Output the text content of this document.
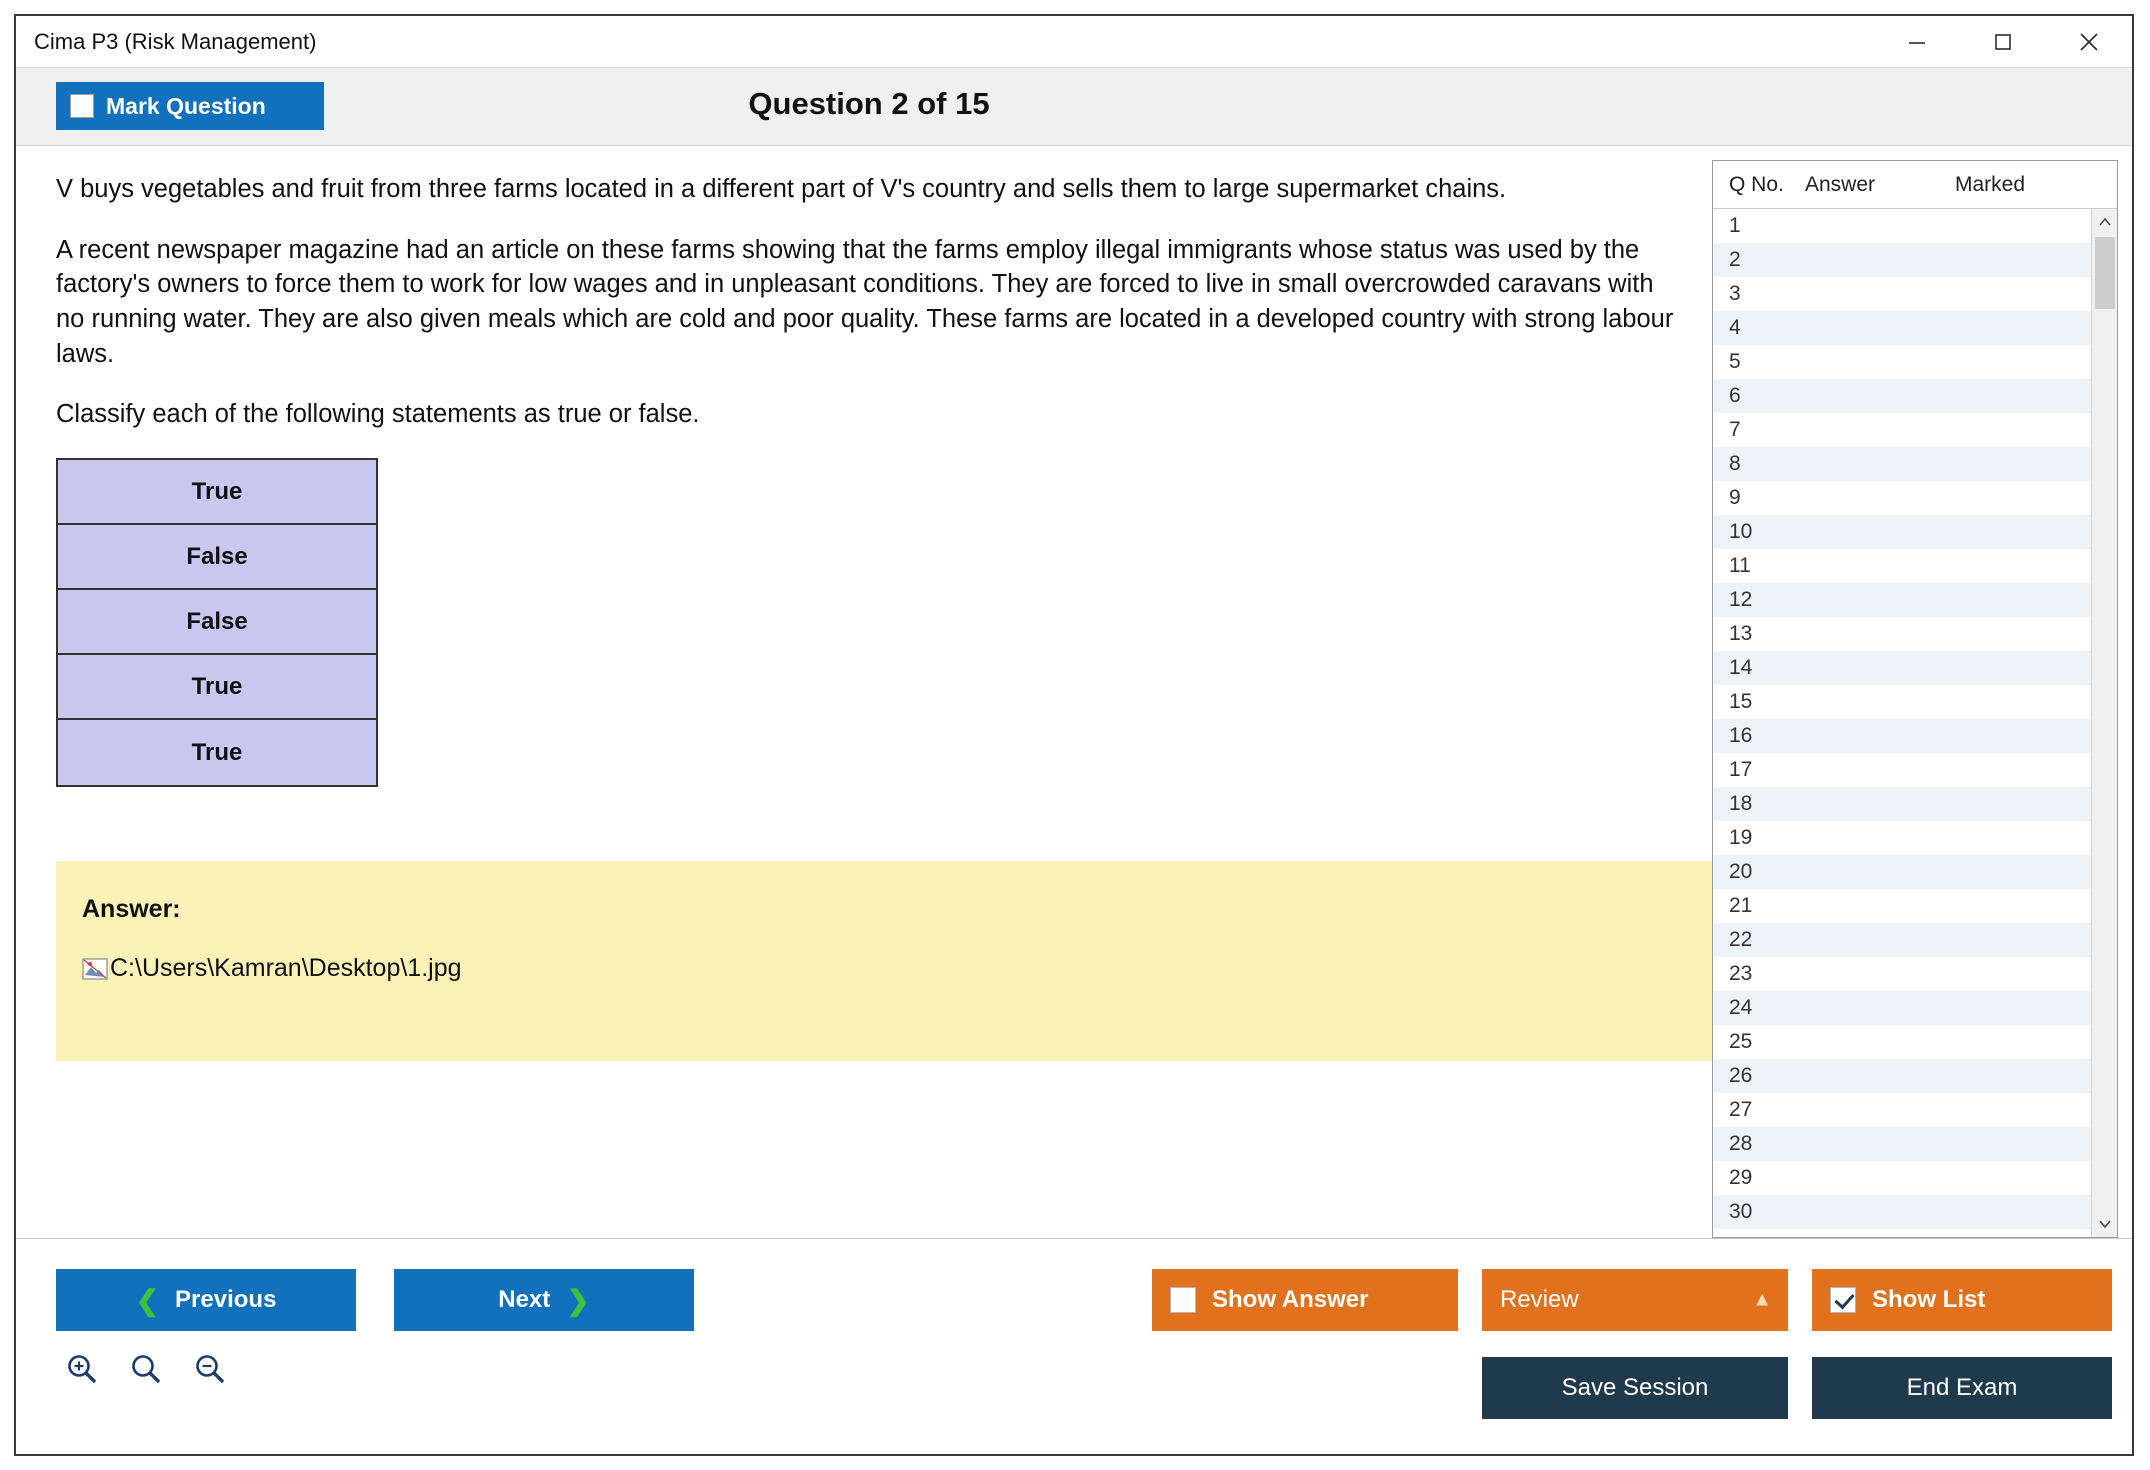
Cima P3 (Risk Management)
Mark Question	Question 2 of 15

V buys vegetables and fruit from three farms located in a different part of V's country and sells them to large supermarket chains.

A recent newspaper magazine had an article on these farms showing that the farms employ illegal immigrants whose status was used by the factory's owners to force them to work for low wages and in unpleasant conditions. They are forced to live in small overcrowded caravans with no running water. They are also given meals which are cold and poor quality. These farms are located in a developed country with strong labour laws.

Classify each of the following statements as true or false.

True
False
False
True
True
Answer:
C:\Users\Kamran\Desktop\1.jpg
Q No.	Answer	Marked
1
2
3
4
5
6
7
8
9
10
11
12
13
14
15
16
17
18
19
20
21
22
23
24
25
26
27
28
29
30
❮ Previous	Next ❯	Show Answer	Review	▲	Show List
Save Session	End Exam
